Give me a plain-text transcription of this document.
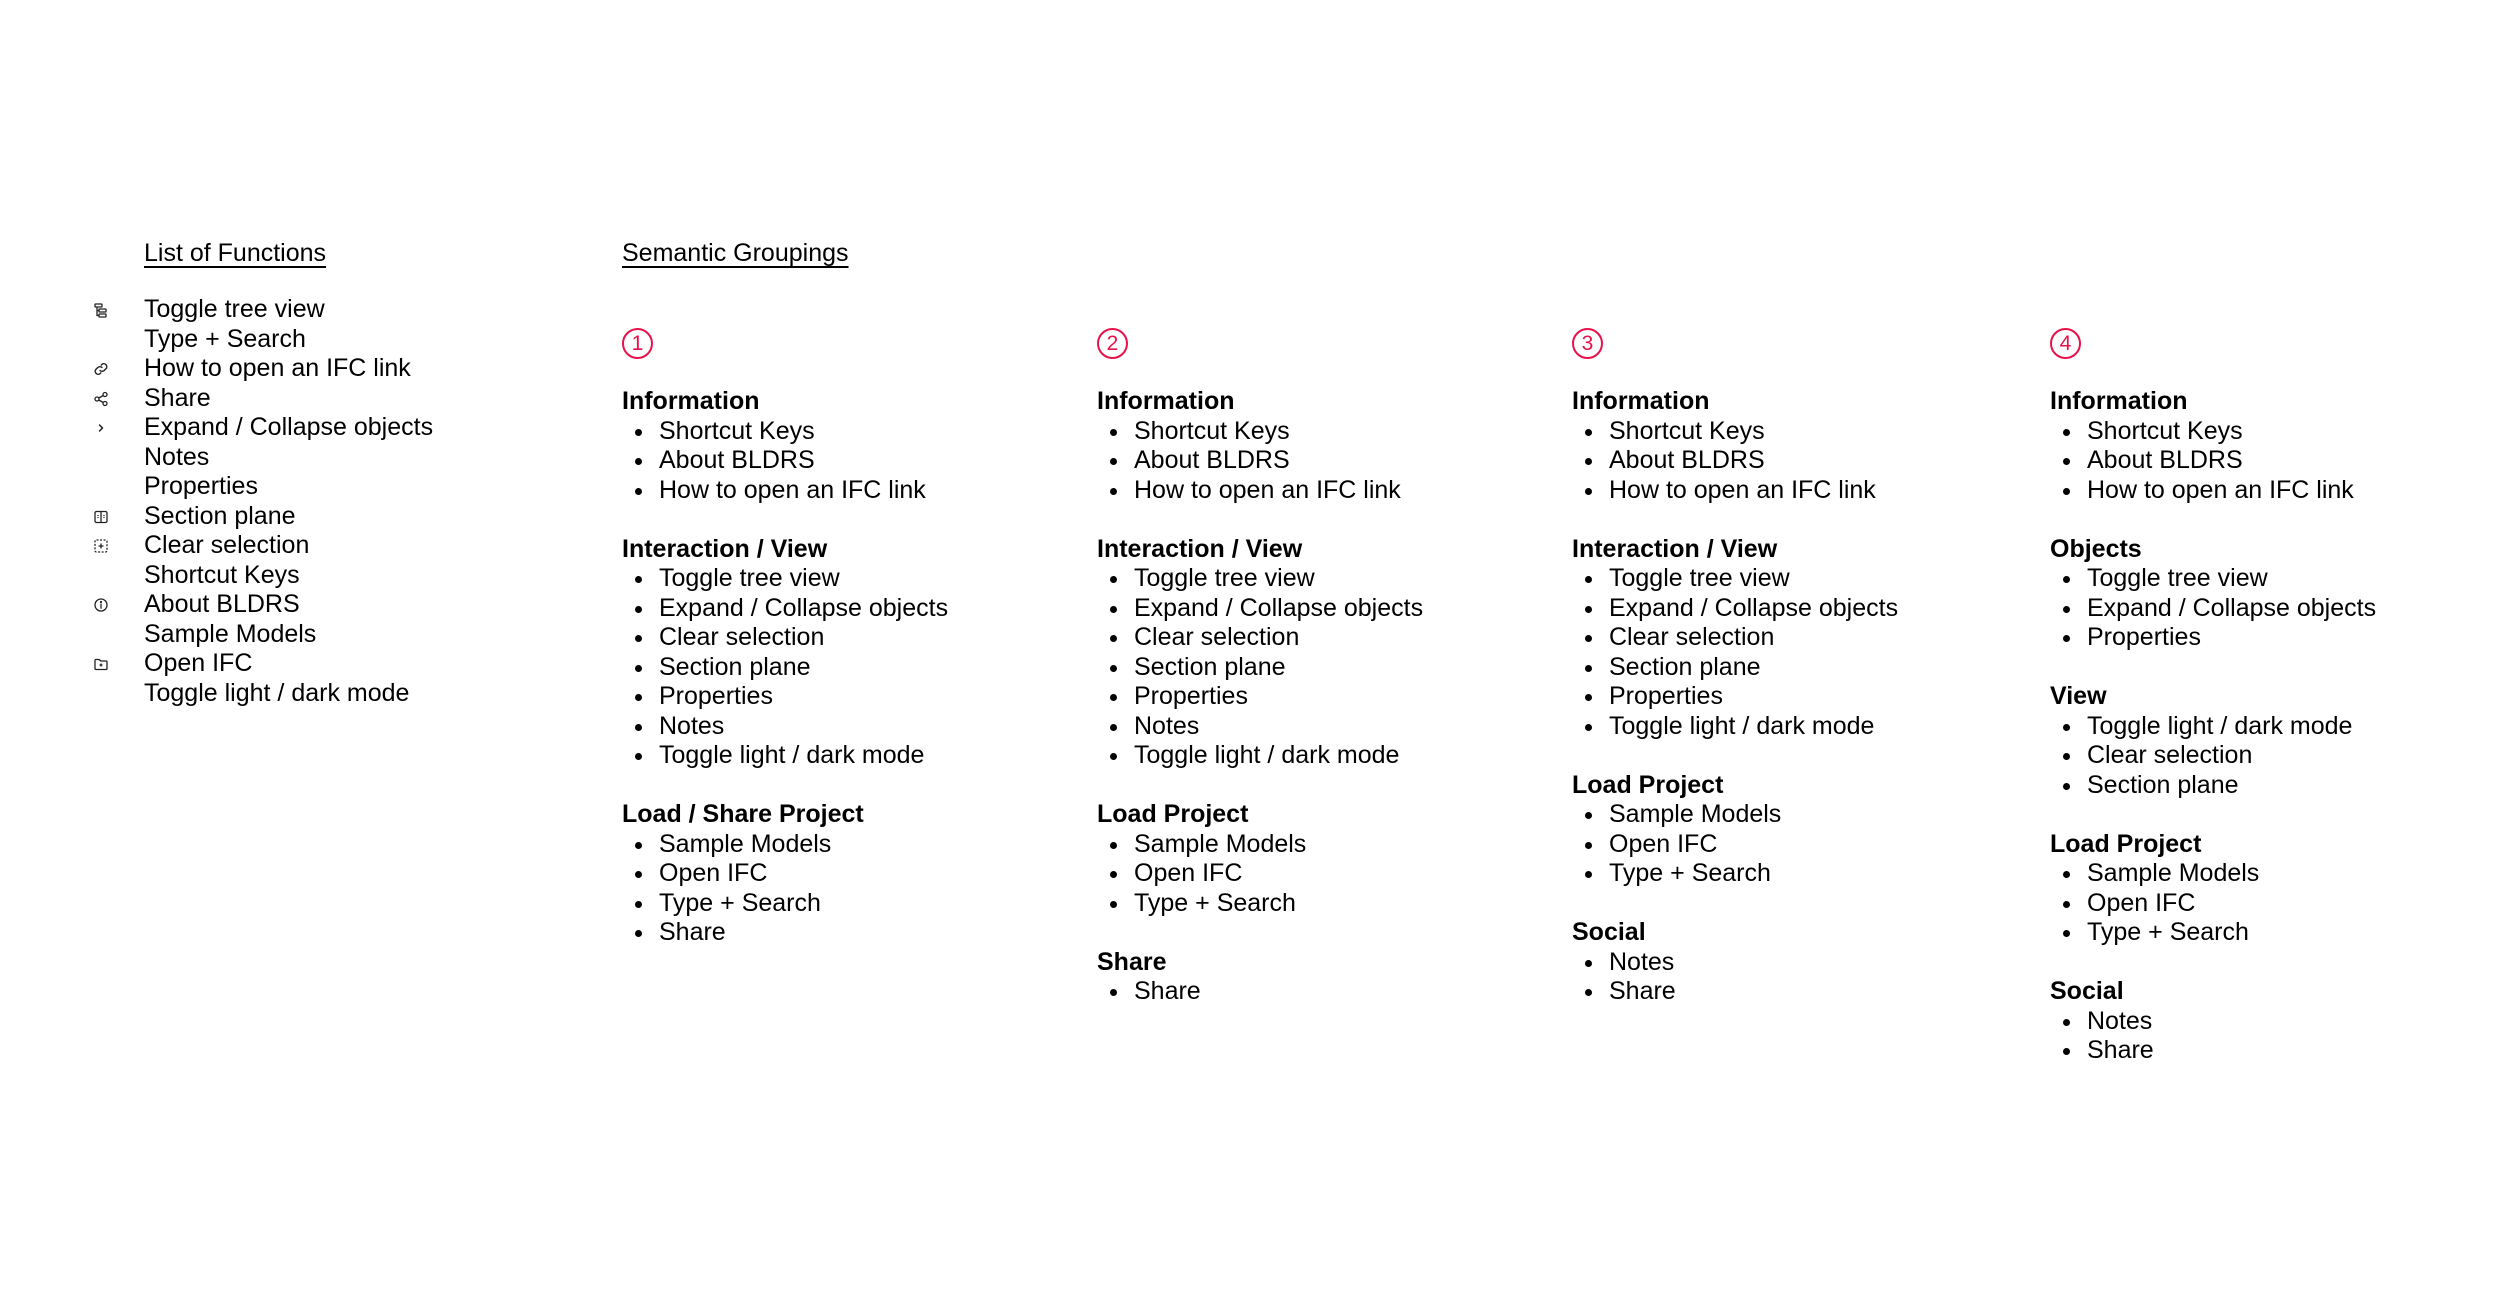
List of Functions
Toggle tree view
Type + Search
How to open an IFC link
Share
Expand / Collapse objects
Notes
Properties
Section plane
Clear selection
Shortcut Keys
About BLDRS
Sample Models
Open IFC
Toggle light / dark mode
Semantic Groupings
1
Information
Shortcut Keys
About BLDRS
How to open an IFC link
Interaction / View
Toggle tree view
Expand / Collapse objects
Clear selection
Section plane
Properties
Notes
Toggle light / dark mode
Load / Share Project
Sample Models
Open IFC
Type + Search
Share
2
Information
Shortcut Keys
About BLDRS
How to open an IFC link
Interaction / View
Toggle tree view
Expand / Collapse objects
Clear selection
Section plane
Properties
Notes
Toggle light / dark mode
Load Project
Sample Models
Open IFC
Type + Search
Share
Share
3
Information
Shortcut Keys
About BLDRS
How to open an IFC link
Interaction / View
Toggle tree view
Expand / Collapse objects
Clear selection
Section plane
Properties
Toggle light / dark mode
Load Project
Sample Models
Open IFC
Type + Search
Social
Notes
Share
4
Information
Shortcut Keys
About BLDRS
How to open an IFC link
Objects
Toggle tree view
Expand / Collapse objects
Properties
View
Toggle light / dark mode
Clear selection
Section plane
Load Project
Sample Models
Open IFC
Type + Search
Social
Notes
Share
